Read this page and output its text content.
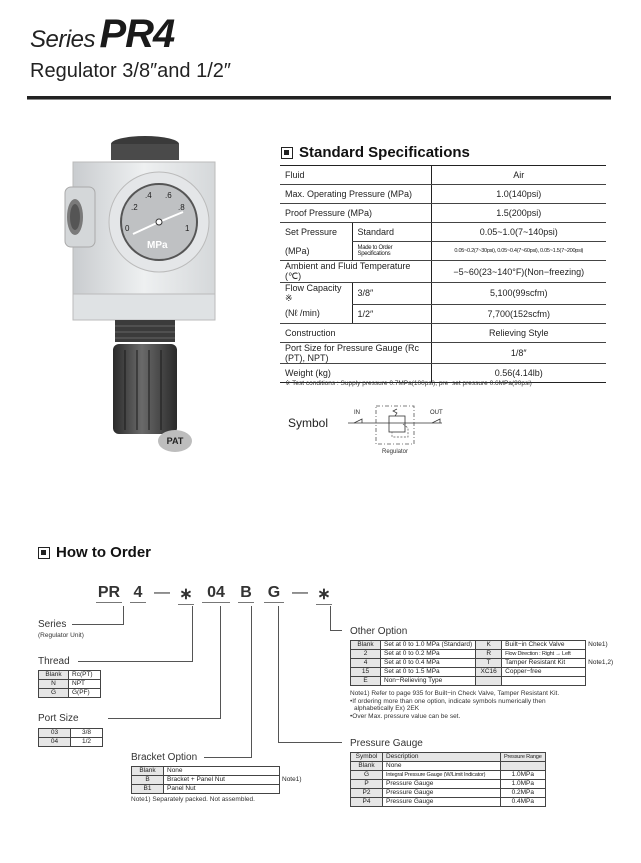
Series PR4
Regulator 3/8″and 1/2″
0
.2
.4 .6
.8
1
MPa
PAT
Standard Specifications
Fluid		Air
Max. Operating Pressure (MPa)		1.0(140psi)
Proof Pressure (MPa)		1.5(200psi)
Set Pressure	Standard	0.05~1.0(7~140psi)
(MPa)	Made to Order Specifications	0.05~0.2(7~30psi), 0.05~0.4(7~60psi), 0.05~1.5(7~200psi)
Ambient and Fluid Temperature (℃)		−5~60(23~140°F)(Non−freezing)
Flow Capacity ※	3/8″	5,100(99scfm)
(Nℓ /min)	1/2″	7,700(152scfm)
Construction		Relieving Style
Port Size for Pressure Gauge (Rc (PT), NPT)		1/8″
Weight (kg)		0.56(4.14lb)
※ Test conditions : Supply pressure 0.7MPa(100psi), pre−set pressure 0.6MPa(90psi)
Symbol
IN	OUT
Regulator
How to Order
PR 4 — ∗ 04 B G — ∗
Series
(Regulator Unit)
Thread
Blank	Rc(PT)
N	NPT
G	G(PF)
Port Size
03	3/8
04	1/2
Bracket Option
Blank	None	
B	Bracket + Panel Nut	Note1)
B1	Panel Nut	
Note1) Separately packed. Not assembled.
Other Option
Blank	Set at 0 to 1.0 MPa (Standard)	K	Built−in Check Valve	Note1)
2	Set at 0 to 0.2 MPa	R	Flow Direction : Right → Left	
4	Set at 0 to 0.4 MPa	T	Tamper Resistant Kit	Note1,2)
15	Set at 0 to 1.5 MPa	XC16	Copper−free	
E	Non−Relieving Type			
Note1) Refer to page 935 for Built−in Check Valve, Tamper Resistant Kit.
•If ordering more than one option, indicate symbols numerically then
alphabetically Ex) 2EK
•Over Max. pressure value can be set.
Pressure Gauge
Symbol	Description	Pressure Range
Blank	None	
G	Integral Pressure Gauge (W/Limit Indicator)	1.0MPa
P	Pressure Gauge	1.0MPa
P2	Pressure Gauge	0.2MPa
P4	Pressure Gauge	0.4MPa
